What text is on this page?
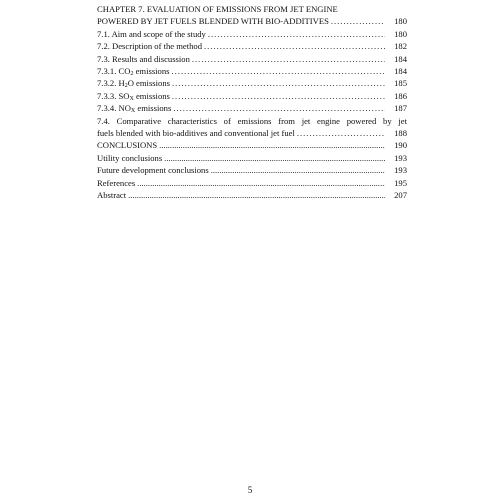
CHAPTER 7. EVALUATION OF EMISSIONS FROM JET ENGINE
POWERED BY JET FUELS BLENDED WITH BIO-ADDITIVES .....	180
7.1. Aim and scope of the study .....	180
7.2. Description of the method .....	182
7.3. Results and discussion .....	184
7.3.1. $CO_2$ emissions .....	184
7.3.2. $H_2O$ emissions .....	185
7.3.3. $SO_X$ emissions .....	186
7.3.4. $NO_X$ emissions .....	187
7.4. Comparative characteristics of emissions from jet engine powered by jet
fuels blended with bio-additives and conventional jet fuel .....	188
CONCLUSIONS .....	190
Utility conclusions .....	193
Future development conclusions .....	193
References .....	195
Abstract .....	207
5
